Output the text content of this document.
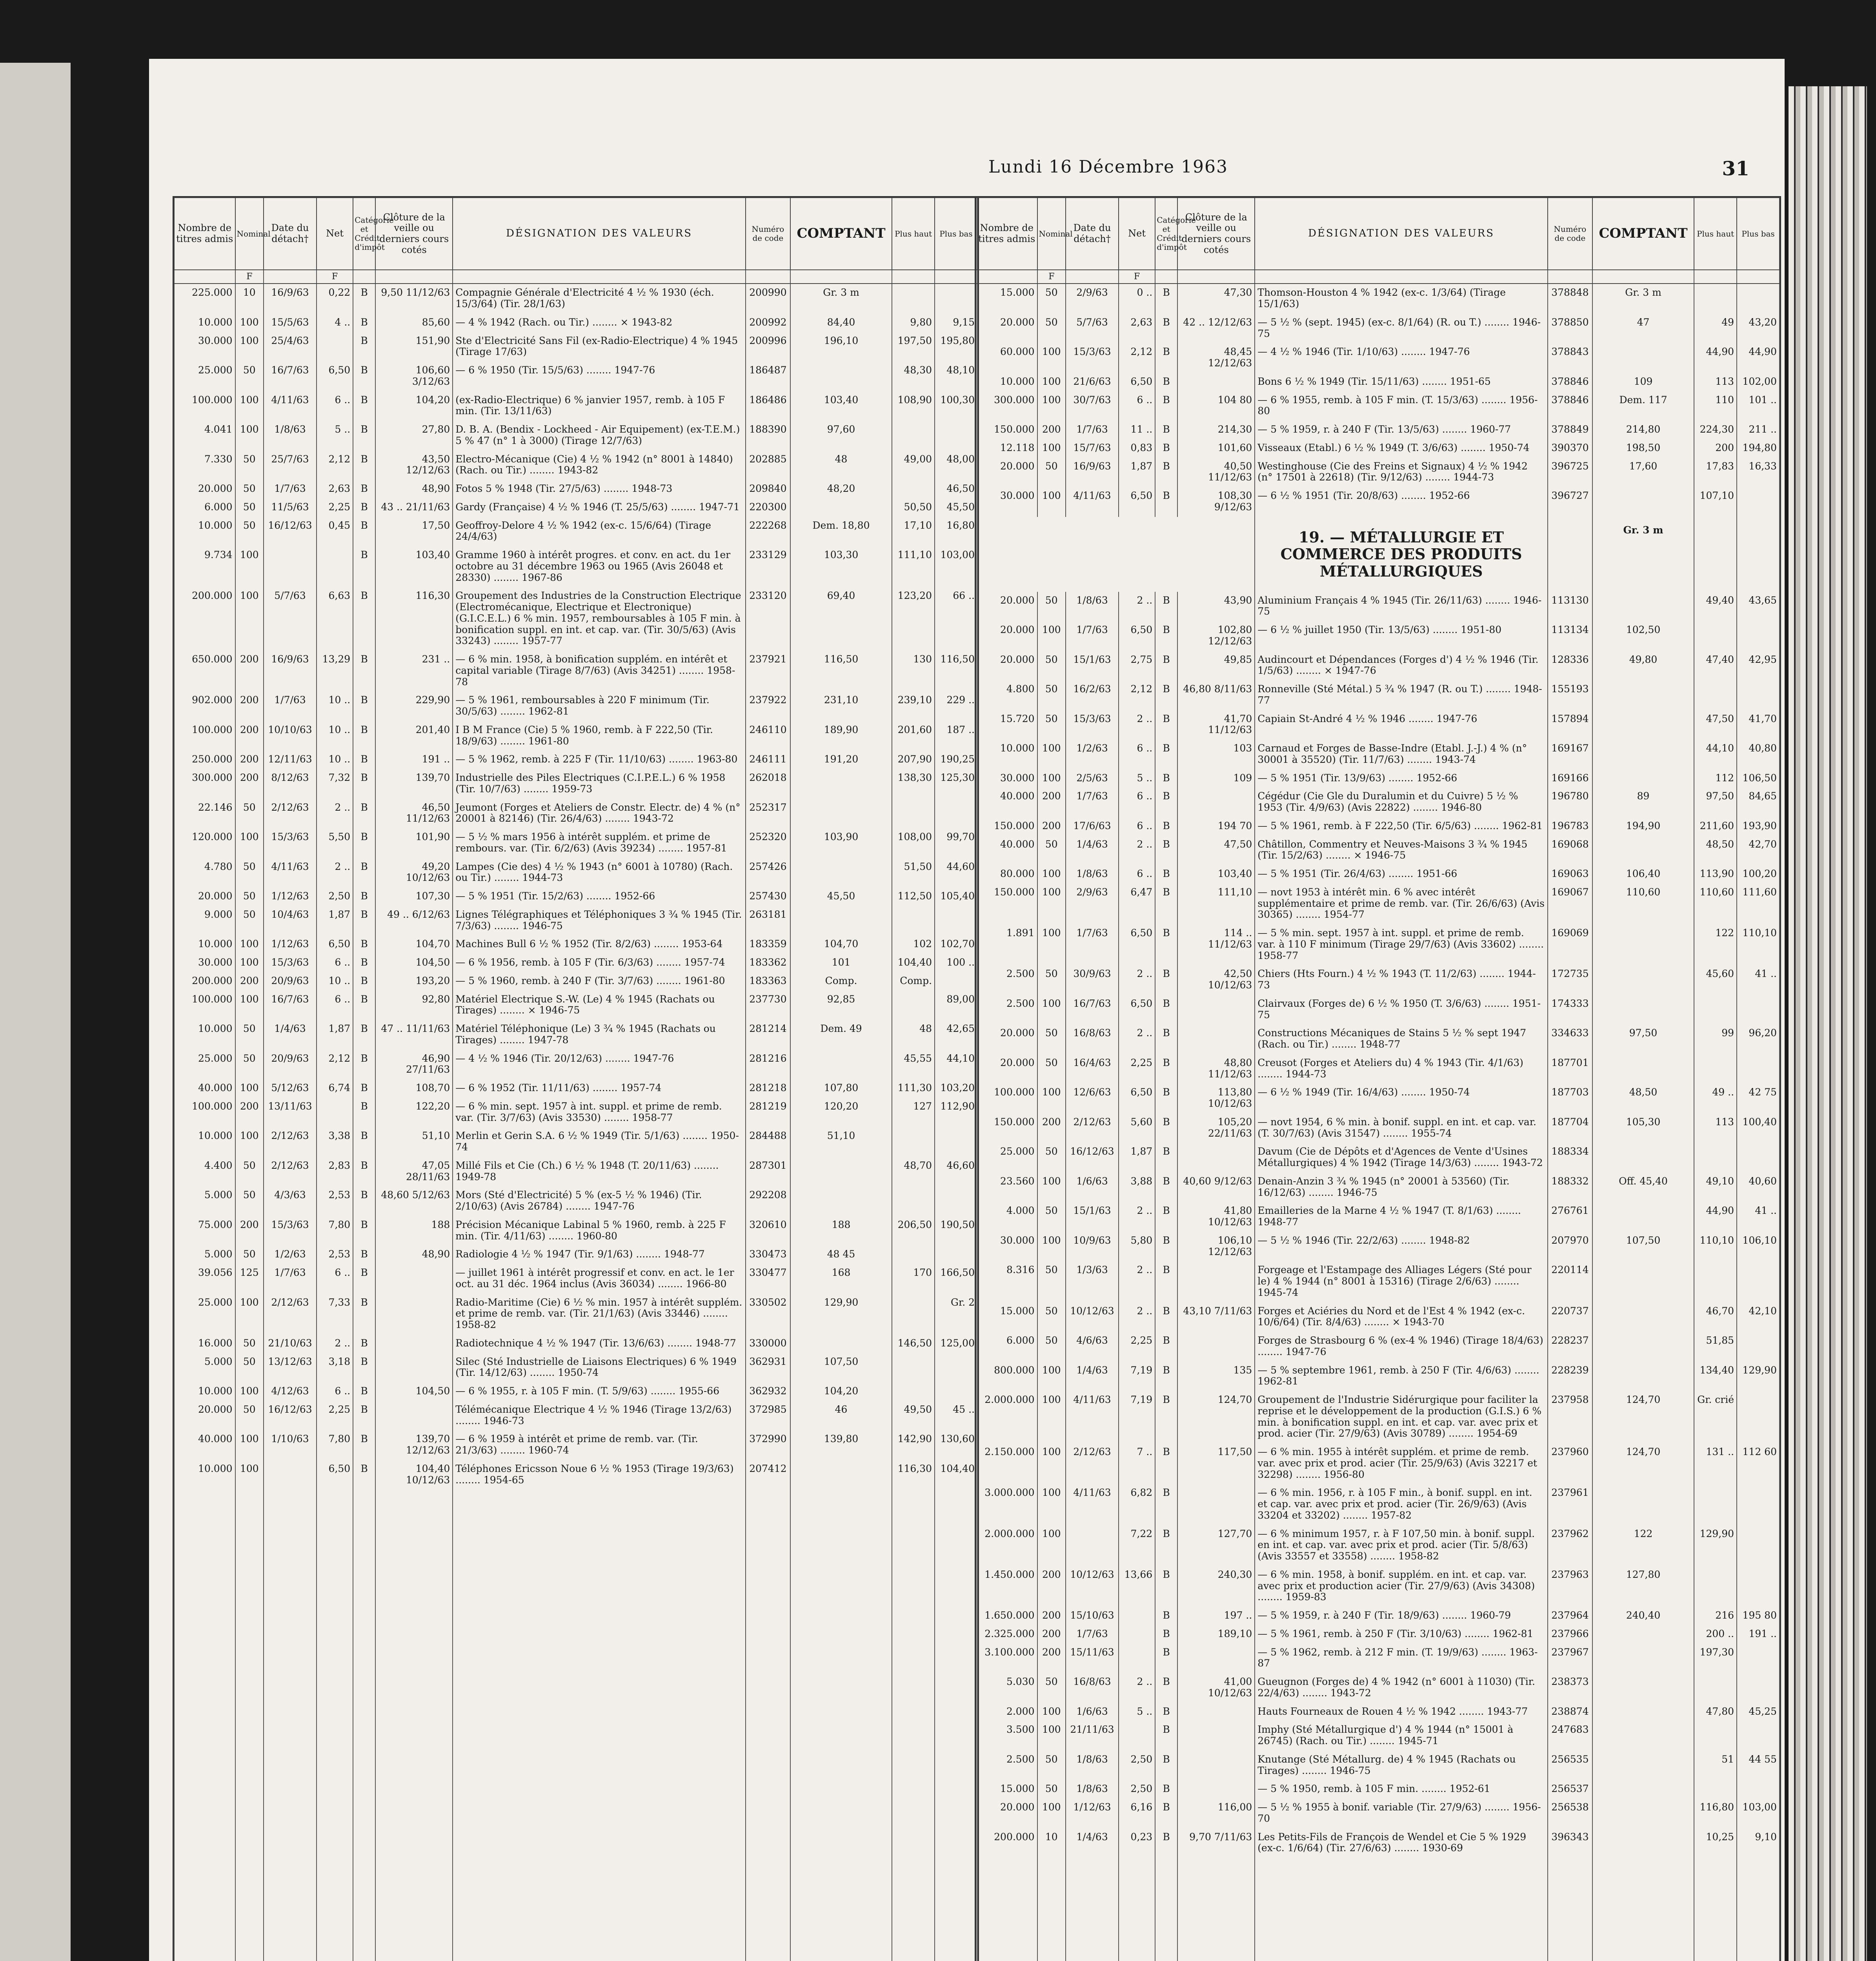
Lundi 16 Décembre 1963	31
Nombre de titres admis	Nominal	Date du détach†	Net	Catégorie et Crédit d'impôt	Clôture de la veille ou derniers cours cotés	DÉSIGNATION DES VALEURS	Numéro de code	COMPTANT	Plus haut	Plus bas
	F		F							
225.000	10	16/9/63	0,22	B	9,50 11/12/63	Compagnie Générale d'Electricité 4 ½ % 1930 (éch. 15/3/64) (Tir. 28/1/63)	200990	Gr. 3 m		
10.000	100	15/5/63	4 ..	B	85,60	— 4 % 1942 (Rach. ou Tir.) ........ × 1943-82	200992	84,40	9,80	9,15
30.000	100	25/4/63		B	151,90	Ste d'Electricité Sans Fil (ex-Radio-Electrique) 4 % 1945 (Tirage 17/63)	200996	196,10	197,50	195,80
25.000	50	16/7/63	6,50	B	106,60 3/12/63	— 6 % 1950 (Tir. 15/5/63) ........ 1947-76	186487		48,30	48,10
100.000	100	4/11/63	6 ..	B	104,20	(ex-Radio-Electrique) 6 % janvier 1957, remb. à 105 F min. (Tir. 13/11/63)	186486	103,40	108,90	100,30
4.041	100	1/8/63	5 ..	B	27,80	D. B. A. (Bendix - Lockheed - Air Equipement) (ex-T.E.M.) 5 % 47 (n° 1 à 3000) (Tirage 12/7/63)	188390	97,60		
7.330	50	25/7/63	2,12	B	43,50 12/12/63	Electro-Mécanique (Cie) 4 ½ % 1942 (n° 8001 à 14840) (Rach. ou Tir.) ........ 1943-82	202885	48	49,00	48,00
20.000	50	1/7/63	2,63	B	48,90	Fotos 5 % 1948 (Tir. 27/5/63) ........ 1948-73	209840	48,20		46,50
6.000	50	11/5/63	2,25	B	43 .. 21/11/63	Gardy (Française) 4 ½ % 1946 (T. 25/5/63) ........ 1947-71	220300		50,50	45,50
10.000	50	16/12/63	0,45	B	17,50	Geoffroy-Delore 4 ½ % 1942 (ex-c. 15/6/64) (Tirage 24/4/63)	222268	Dem. 18,80	17,10	16,80
9.734	100			B	103,40	Gramme 1960 à intérêt progres. et conv. en act. du 1er octobre au 31 décembre 1963 ou 1965 (Avis 26048 et 28330) ........ 1967-86	233129	103,30	111,10	103,00
200.000	100	5/7/63	6,63	B	116,30	Groupement des Industries de la Construction Electrique (Electromécanique, Electrique et Electronique) (G.I.C.E.L.) 6 % min. 1957, remboursables à 105 F min. à bonification suppl. en int. et cap. var. (Tir. 30/5/63) (Avis 33243) ........ 1957-77	233120	69,40	123,20	66 ..
650.000	200	16/9/63	13,29	B	231 ..	— 6 % min. 1958, à bonification supplém. en intérêt et capital variable (Tirage 8/7/63) (Avis 34251) ........ 1958-78	237921	116,50	130	116,50
902.000	200	1/7/63	10 ..	B	229,90	— 5 % 1961, remboursables à 220 F minimum (Tir. 30/5/63) ........ 1962-81	237922	231,10	239,10	229 ..
100.000	200	10/10/63	10 ..	B	201,40	I B M France (Cie) 5 % 1960, remb. à F 222,50 (Tir. 18/9/63) ........ 1961-80	246110	189,90	201,60	187 ..
250.000	200	12/11/63	10 ..	B	191 ..	— 5 % 1962, remb. à 225 F (Tir. 11/10/63) ........ 1963-80	246111	191,20	207,90	190,25
300.000	200	8/12/63	7,32	B	139,70	Industrielle des Piles Electriques (C.I.P.E.L.) 6 % 1958 (Tir. 10/7/63) ........ 1959-73	262018		138,30	125,30
22.146	50	2/12/63	2 ..	B	46,50 11/12/63	Jeumont (Forges et Ateliers de Constr. Electr. de) 4 % (n° 20001 à 82146) (Tir. 26/4/63) ........ 1943-72	252317			
120.000	100	15/3/63	5,50	B	101,90	— 5 ½ % mars 1956 à intérêt supplém. et prime de rembours. var. (Tir. 6/2/63) (Avis 39234) ........ 1957-81	252320	103,90	108,00	99,70
4.780	50	4/11/63	2 ..	B	49,20 10/12/63	Lampes (Cie des) 4 ½ % 1943 (n° 6001 à 10780) (Rach. ou Tir.) ........ 1944-73	257426		51,50	44,60
20.000	50	1/12/63	2,50	B	107,30	— 5 % 1951 (Tir. 15/2/63) ........ 1952-66	257430	45,50	112,50	105,40
9.000	50	10/4/63	1,87	B	49 .. 6/12/63	Lignes Télégraphiques et Téléphoniques 3 ¾ % 1945 (Tir. 7/3/63) ........ 1946-75	263181			
10.000	100	1/12/63	6,50	B	104,70	Machines Bull 6 ½ % 1952 (Tir. 8/2/63) ........ 1953-64	183359	104,70	102	102,70
30.000	100	15/3/63	6 ..	B	104,50	— 6 % 1956, remb. à 105 F (Tir. 6/3/63) ........ 1957-74	183362	101	104,40	100 ..
200.000	200	20/9/63	10 ..	B	193,20	— 5 % 1960, remb. à 240 F (Tir. 3/7/63) ........ 1961-80	183363	Comp.	Comp.	
100.000	100	16/7/63	6 ..	B	92,80	Matériel Electrique S.-W. (Le) 4 % 1945 (Rachats ou Tirages) ........ × 1946-75	237730	92,85		89,00
10.000	50	1/4/63	1,87	B	47 .. 11/11/63	Matériel Téléphonique (Le) 3 ¾ % 1945 (Rachats ou Tirages) ........ 1947-78	281214	Dem. 49	48	42,65
25.000	50	20/9/63	2,12	B	46,90 27/11/63	— 4 ½ % 1946 (Tir. 20/12/63) ........ 1947-76	281216		45,55	44,10
40.000	100	5/12/63	6,74	B	108,70	— 6 % 1952 (Tir. 11/11/63) ........ 1957-74	281218	107,80	111,30	103,20
100.000	200	13/11/63		B	122,20	— 6 % min. sept. 1957 à int. suppl. et prime de remb. var. (Tir. 3/7/63) (Avis 33530) ........ 1958-77	281219	120,20	127	112,90
10.000	100	2/12/63	3,38	B	51,10	Merlin et Gerin S.A. 6 ½ % 1949 (Tir. 5/1/63) ........ 1950-74	284488	51,10		
4.400	50	2/12/63	2,83	B	47,05 28/11/63	Millé Fils et Cie (Ch.) 6 ½ % 1948 (T. 20/11/63) ........ 1949-78	287301		48,70	46,60
5.000	50	4/3/63	2,53	B	48,60 5/12/63	Mors (Sté d'Electricité) 5 % (ex-5 ½ % 1946) (Tir. 2/10/63) (Avis 26784) ........ 1947-76	292208			
75.000	200	15/3/63	7,80	B	188	Précision Mécanique Labinal 5 % 1960, remb. à 225 F min. (Tir. 4/11/63) ........ 1960-80	320610	188	206,50	190,50
5.000	50	1/2/63	2,53	B	48,90	Radiologie 4 ½ % 1947 (Tir. 9/1/63) ........ 1948-77	330473	48 45		
39.056	125	1/7/63	6 ..	B		— juillet 1961 à intérêt progressif et conv. en act. le 1er oct. au 31 déc. 1964 inclus (Avis 36034) ........ 1966-80	330477	168	170	166,50
25.000	100	2/12/63	7,33	B		Radio-Maritime (Cie) 6 ½ % min. 1957 à intérêt supplém. et prime de remb. var. (Tir. 21/1/63) (Avis 33446) ........ 1958-82	330502	129,90		Gr. 2
16.000	50	21/10/63	2 ..	B		Radiotechnique 4 ½ % 1947 (Tir. 13/6/63) ........ 1948-77	330000		146,50	125,00
5.000	50	13/12/63	3,18	B		Silec (Sté Industrielle de Liaisons Electriques) 6 % 1949 (Tir. 14/12/63) ........ 1950-74	362931	107,50		
10.000	100	4/12/63	6 ..	B	104,50	— 6 % 1955, r. à 105 F min. (T. 5/9/63) ........ 1955-66	362932	104,20		
20.000	50	16/12/63	2,25	B		Télémécanique Electrique 4 ½ % 1946 (Tirage 13/2/63) ........ 1946-73	372985	46	49,50	45 ..
40.000	100	1/10/63	7,80	B	139,70 12/12/63	— 6 % 1959 à intérêt et prime de remb. var. (Tir. 21/3/63) ........ 1960-74	372990	139,80	142,90	130,60
10.000	100		6,50	B	104,40 10/12/63	Téléphones Ericsson Noue 6 ½ % 1953 (Tirage 19/3/63) ........ 1954-65	207412		116,30	104,40

Nombre de titres admis	Nominal	Date du détach†	Net	Catégorie et Crédit d'impôt	Clôture de la veille ou derniers cours cotés	DÉSIGNATION DES VALEURS	Numéro de code	COMPTANT	Plus haut	Plus bas
	F		F							
15.000	50	2/9/63	0 ..	B	47,30	Thomson-Houston 4 % 1942 (ex-c. 1/3/64) (Tirage 15/1/63)	378848	Gr. 3 m		
20.000	50	5/7/63	2,63	B	42 .. 12/12/63	— 5 ½ % (sept. 1945) (ex-c. 8/1/64) (R. ou T.) ........ 1946-75	378850	47	49	43,20
60.000	100	15/3/63	2,12	B	48,45 12/12/63	— 4 ½ % 1946 (Tir. 1/10/63) ........ 1947-76	378843		44,90	44,90
10.000	100	21/6/63	6,50	B		Bons 6 ½ % 1949 (Tir. 15/11/63) ........ 1951-65	378846	109	113	102,00
300.000	100	30/7/63	6 ..	B	104 80	— 6 % 1955, remb. à 105 F min. (T. 15/3/63) ........ 1956-80	378846	Dem. 117	110	101 ..
150.000	200	1/7/63	11 ..	B	214,30	— 5 % 1959, r. à 240 F (Tir. 13/5/63) ........ 1960-77	378849	214,80	224,30	211 ..
12.118	100	15/7/63	0,83	B	101,60	Visseaux (Etabl.) 6 ½ % 1949 (T. 3/6/63) ........ 1950-74	390370	198,50	200	194,80
20.000	50	16/9/63	1,87	B	40,50 11/12/63	Westinghouse (Cie des Freins et Signaux) 4 ½ % 1942 (n° 17501 à 22618) (Tir. 9/12/63) ........ 1944-73	396725	17,60	17,83	16,33
30.000	100	4/11/63	6,50	B	108,30 9/12/63	— 6 ½ % 1951 (Tir. 20/8/63) ........ 1952-66	396727		107,10	
						19. — MÉTALLURGIE ET COMMERCE DES PRODUITS MÉTALLURGIQUES		Gr. 3 m		
20.000	50	1/8/63	2 ..	B	43,90	Aluminium Français 4 % 1945 (Tir. 26/11/63) ........ 1946-75	113130		49,40	43,65
20.000	100	1/7/63	6,50	B	102,80 12/12/63	— 6 ½ % juillet 1950 (Tir. 13/5/63) ........ 1951-80	113134	102,50		
20.000	50	15/1/63	2,75	B	49,85	Audincourt et Dépendances (Forges d') 4 ½ % 1946 (Tir. 1/5/63) ........ × 1947-76	128336	49,80	47,40	42,95
4.800	50	16/2/63	2,12	B	46,80 8/11/63	Ronneville (Sté Métal.) 5 ¾ % 1947 (R. ou T.) ........ 1948-77	155193			
15.720	50	15/3/63	2 ..	B	41,70 11/12/63	Capiain St-André 4 ½ % 1946 ........ 1947-76	157894		47,50	41,70
10.000	100	1/2/63	6 ..	B	103	Carnaud et Forges de Basse-Indre (Etabl. J.-J.) 4 % (n° 30001 à 35520) (Tir. 11/7/63) ........ 1943-74	169167		44,10	40,80
30.000	100	2/5/63	5 ..	B	109	— 5 % 1951 (Tir. 13/9/63) ........ 1952-66	169166		112	106,50
40.000	200	1/7/63	6 ..	B		Cégédur (Cie Gle du Duralumin et du Cuivre) 5 ½ % 1953 (Tir. 4/9/63) (Avis 22822) ........ 1946-80	196780	89	97,50	84,65
150.000	200	17/6/63	6 ..	B	194 70	— 5 % 1961, remb. à F 222,50 (Tir. 6/5/63) ........ 1962-81	196783	194,90	211,60	193,90
40.000	50	1/4/63	2 ..	B	47,50	Châtillon, Commentry et Neuves-Maisons 3 ¾ % 1945 (Tir. 15/2/63) ........ × 1946-75	169068		48,50	42,70
80.000	100	1/8/63	6 ..	B	103,40	— 5 % 1951 (Tir. 26/4/63) ........ 1951-66	169063	106,40	113,90	100,20
150.000	100	2/9/63	6,47	B	111,10	— novt 1953 à intérêt min. 6 % avec intérêt supplémentaire et prime de remb. var. (Tir. 26/6/63) (Avis 30365) ........ 1954-77	169067	110,60	110,60	111,60
1.891	100	1/7/63	6,50	B	114 .. 11/12/63	— 5 % min. sept. 1957 à int. suppl. et prime de remb. var. à 110 F minimum (Tirage 29/7/63) (Avis 33602) ........ 1958-77	169069		122	110,10
2.500	50	30/9/63	2 ..	B	42,50 10/12/63	Chiers (Hts Fourn.) 4 ½ % 1943 (T. 11/2/63) ........ 1944-73	172735		45,60	41 ..
2.500	100	16/7/63	6,50	B		Clairvaux (Forges de) 6 ½ % 1950 (T. 3/6/63) ........ 1951-75	174333			
20.000	50	16/8/63	2 ..	B		Constructions Mécaniques de Stains 5 ½ % sept 1947 (Rach. ou Tir.) ........ 1948-77	334633	97,50	99	96,20
20.000	50	16/4/63	2,25	B	48,80 11/12/63	Creusot (Forges et Ateliers du) 4 % 1943 (Tir. 4/1/63) ........ 1944-73	187701			
100.000	100	12/6/63	6,50	B	113,80 10/12/63	— 6 ½ % 1949 (Tir. 16/4/63) ........ 1950-74	187703	48,50	49 ..	42 75
150.000	200	2/12/63	5,60	B	105,20 22/11/63	— novt 1954, 6 % min. à bonif. suppl. en int. et cap. var. (T. 30/7/63) (Avis 31547) ........ 1955-74	187704	105,30	113	100,40
25.000	50	16/12/63	1,87	B		Davum (Cie de Dépôts et d'Agences de Vente d'Usines Métallurgiques) 4 % 1942 (Tirage 14/3/63) ........ 1943-72	188334			
23.560	100	1/6/63	3,88	B	40,60 9/12/63	Denain-Anzin 3 ¾ % 1945 (n° 20001 à 53560) (Tir. 16/12/63) ........ 1946-75	188332	Off. 45,40	49,10	40,60
4.000	50	15/1/63	2 ..	B	41,80 10/12/63	Emailleries de la Marne 4 ½ % 1947 (T. 8/1/63) ........ 1948-77	276761		44,90	41 ..
30.000	100	10/9/63	5,80	B	106,10 12/12/63	— 5 ½ % 1946 (Tir. 22/2/63) ........ 1948-82	207970	107,50	110,10	106,10
8.316	50	1/3/63	2 ..	B		Forgeage et l'Estampage des Alliages Légers (Sté pour le) 4 % 1944 (n° 8001 à 15316) (Tirage 2/6/63) ........ 1945-74	220114			
15.000	50	10/12/63	2 ..	B	43,10 7/11/63	Forges et Aciéries du Nord et de l'Est 4 % 1942 (ex-c. 10/6/64) (Tir. 8/4/63) ........ × 1943-70	220737		46,70	42,10
6.000	50	4/6/63	2,25	B		Forges de Strasbourg 6 % (ex-4 % 1946) (Tirage 18/4/63) ........ 1947-76	228237		51,85	
800.000	100	1/4/63	7,19	B	135	— 5 % septembre 1961, remb. à 250 F (Tir. 4/6/63) ........ 1962-81	228239		134,40	129,90
2.000.000	100	4/11/63	7,19	B	124,70	Groupement de l'Industrie Sidérurgique pour faciliter la reprise et le développement de la production (G.I.S.) 6 % min. à bonification suppl. en int. et cap. var. avec prix et prod. acier (Tir. 27/9/63) (Avis 30789) ........ 1954-69	237958	124,70	Gr. crié	
2.150.000	100	2/12/63	7 ..	B	117,50	— 6 % min. 1955 à intérêt supplém. et prime de remb. var. avec prix et prod. acier (Tir. 25/9/63) (Avis 32217 et 32298) ........ 1956-80	237960	124,70	131 ..	112 60
3.000.000	100	4/11/63	6,82	B		— 6 % min. 1956, r. à 105 F min., à bonif. suppl. en int. et cap. var. avec prix et prod. acier (Tir. 26/9/63) (Avis 33204 et 33202) ........ 1957-82	237961			
2.000.000	100		7,22	B	127,70	— 6 % minimum 1957, r. à F 107,50 min. à bonif. suppl. en int. et cap. var. avec prix et prod. acier (Tir. 5/8/63) (Avis 33557 et 33558) ........ 1958-82	237962	122	129,90	
1.450.000	200	10/12/63	13,66	B	240,30	— 6 % min. 1958, à bonif. supplém. en int. et cap. var. avec prix et production acier (Tir. 27/9/63) (Avis 34308) ........ 1959-83	237963	127,80		
1.650.000	200	15/10/63		B	197 ..	— 5 % 1959, r. à 240 F (Tir. 18/9/63) ........ 1960-79	237964	240,40	216	195 80
2.325.000	200	1/7/63		B	189,10	— 5 % 1961, remb. à 250 F (Tir. 3/10/63) ........ 1962-81	237966		200 ..	191 ..
3.100.000	200	15/11/63		B		— 5 % 1962, remb. à 212 F min. (T. 19/9/63) ........ 1963-87	237967		197,30	
5.030	50	16/8/63	2 ..	B	41,00 10/12/63	Gueugnon (Forges de) 4 % 1942 (n° 6001 à 11030) (Tir. 22/4/63) ........ 1943-72	238373			
2.000	100	1/6/63	5 ..	B		Hauts Fourneaux de Rouen 4 ½ % 1942 ........ 1943-77	238874		47,80	45,25
3.500	100	21/11/63		B		Imphy (Sté Métallurgique d') 4 % 1944 (n° 15001 à 26745) (Rach. ou Tir.) ........ 1945-71	247683			
2.500	50	1/8/63	2,50	B		Knutange (Sté Métallurg. de) 4 % 1945 (Rachats ou Tirages) ........ 1946-75	256535		51	44 55
15.000	50	1/8/63	2,50	B		— 5 % 1950, remb. à 105 F min. ........ 1952-61	256537			
20.000	100	1/12/63	6,16	B	116,00	— 5 ½ % 1955 à bonif. variable (Tir. 27/9/63) ........ 1956-70	256538		116,80	103,00
200.000	10	1/4/63	0,23	B	9,70 7/11/63	Les Petits-Fils de François de Wendel et Cie 5 % 1929 (ex-c. 1/6/64) (Tir. 27/6/63) ........ 1930-69	396343		10,25	9,10
